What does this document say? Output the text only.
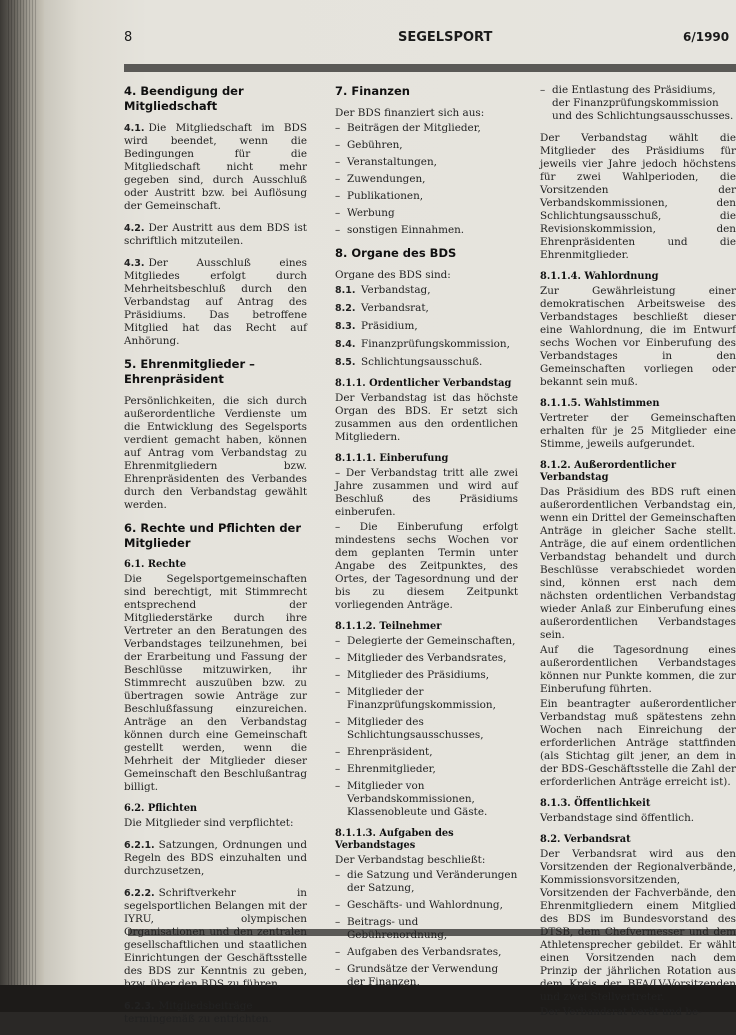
8	SEGELSPORT	6/1990
4. Beendigung der Mitgliedschaft

4.1. Die Mitgliedschaft im BDS wird beendet, wenn die Bedingungen für die Mitgliedschaft nicht mehr gegeben sind, durch Ausschluß oder Austritt bzw. bei Auflösung der Gemeinschaft.

4.2. Der Austritt aus dem BDS ist schriftlich mitzuteilen.

4.3. Der Ausschluß eines Mitgliedes erfolgt durch Mehrheitsbeschluß durch den Verbandstag auf Antrag des Präsidiums. Das betroffene Mitglied hat das Recht auf Anhörung.

5. Ehrenmitglieder – Ehrenpräsident

Persönlichkeiten, die sich durch außerordentliche Verdienste um die Entwicklung des Segelsports verdient gemacht haben, können auf Antrag vom Verbandstag zu Ehrenmitgliedern bzw. Ehrenpräsidenten des Verbandes durch den Verbandstag gewählt werden.

6. Rechte und Pflichten der Mitglieder
6.1. Rechte

Die Segelsportgemeinschaften sind berechtigt, mit Stimmrecht entsprechend der Mitgliederstärke durch ihre Vertreter an den Beratungen des Verbandstages teilzunehmen, bei der Erarbeitung und Fassung der Beschlüsse mitzuwirken, ihr Stimmrecht auszuüben bzw. zu übertragen sowie Anträge zur Beschlußfassung einzureichen. Anträge an den Verbandstag können durch eine Gemeinschaft gestellt werden, wenn die Mehrheit der Mitglieder dieser Gemeinschaft den Beschlußantrag billigt.

6.2. Pflichten

Die Mitglieder sind verpflichtet:

6.2.1. Satzungen, Ordnungen und Regeln des BDS einzuhalten und durchzusetzen,

6.2.2. Schriftverkehr in segelsportlichen Belangen mit der IYRU, olympischen Organisationen und den zentralen gesellschaftlichen und staatlichen Einrichtungen der Geschäftsstelle des BDS zur Kenntnis zu geben, bzw. über den BDS zu führen,

6.2.3. Mitgliedsbeiträge termingemäß zu entrichten.

7. Finanzen

Der BDS finanziert sich aus:

– Beiträgen der Mitglieder,
– Gebühren,
– Veranstaltungen,
– Zuwendungen,
– Publikationen,
– Werbung
– sonstigen Einnahmen.
8. Organe des BDS

Organe des BDS sind:

8.1. Verbandstag,
8.2. Verbandsrat,
8.3. Präsidium,
8.4. Finanzprüfungskommission,
8.5. Schlichtungsausschuß.
8.1.1. Ordentlicher Verbandstag

Der Verbandstag ist das höchste Organ des BDS. Er setzt sich zusammen aus den ordentlichen Mitgliedern.

8.1.1.1. Einberufung

– Der Verbandstag tritt alle zwei Jahre zusammen und wird auf Beschluß des Präsidiums einberufen.

– Die Einberufung erfolgt mindestens sechs Wochen vor dem geplanten Termin unter Angabe des Zeitpunktes, des Ortes, der Tagesordnung und der bis zu diesem Zeitpunkt vorliegenden Anträge.

8.1.1.2. Teilnehmer
– Delegierte der Gemeinschaften,
– Mitglieder des Verbandsrates,
– Mitglieder des Präsidiums,
– Mitglieder der Finanzprüfungskommission,
– Mitglieder des Schlichtungsausschusses,
– Ehrenpräsident,
– Ehrenmitglieder,
– Mitglieder von Verbandskommissionen, Klassenobleute und Gäste.
8.1.1.3. Aufgaben des Verbandstages

Der Verbandstag beschließt:

– die Satzung und Veränderungen der Satzung,
– Geschäfts- und Wahlordnung,
– Beitrags- und Gebührenordnung,
– Aufgaben des Verbandsrates,
– Grundsätze der Verwendung der Finanzen,
– die Entlastung des Präsidiums, der Finanzprüfungskommission und des Schlichtungsausschusses.

Der Verbandstag wählt die Mitglieder des Präsidiums für jeweils vier Jahre jedoch höchstens für zwei Wahlperioden, die Vorsitzenden der Verbandskommissionen, den Schlichtungsausschuß, die Revisionskommission, den Ehrenpräsidenten und die Ehrenmitglieder.

8.1.1.4. Wahlordnung

Zur Gewährleistung einer demokratischen Arbeitsweise des Verbandstages beschließt dieser eine Wahlordnung, die im Entwurf sechs Wochen vor Einberufung des Verbandstages in den Gemeinschaften vorliegen oder bekannt sein muß.

8.1.1.5. Wahlstimmen

Vertreter der Gemeinschaften erhalten für je 25 Mitglieder eine Stimme, jeweils aufgerundet.

8.1.2. Außerordentlicher Verbandstag

Das Präsidium des BDS ruft einen außerordentlichen Verbandstag ein, wenn ein Drittel der Gemeinschaften Anträge in gleicher Sache stellt. Anträge, die auf einem ordentlichen Verbandstag behandelt und durch Beschlüsse verabschiedet worden sind, können erst nach dem nächsten ordentlichen Verbandstag wieder Anlaß zur Einberufung eines außerordentlichen Verbandstages sein.

Auf die Tagesordnung eines außerordentlichen Verbandstages können nur Punkte kommen, die zur Einberufung führten.

Ein beantragter außerordentlicher Verbandstag muß spätestens zehn Wochen nach Einreichung der erforderlichen Anträge stattfinden (als Stichtag gilt jener, an dem in der BDS-Geschäftsstelle die Zahl der erforderlichen Anträge erreicht ist).

8.1.3. Öffentlichkeit

Verbandstage sind öffentlich.

8.2. Verbandsrat

Der Verbandsrat wird aus den Vorsitzenden der Regionalverbände, Kommissionsvorsitzenden, Vorsitzenden der Fachverbände, den Ehrenmitgliedern einem Mitglied des BDS im Bundesvorstand des DTSB, dem Chefvermesser und dem Athletensprecher gebildet. Er wählt einen Vorsitzenden nach dem Prinzip der jährlichen Rotation aus dem Kreis der BFA/LV-Vorsitzenden und zwei Stellvertreter.

Der Verbandsrat berät und be-
